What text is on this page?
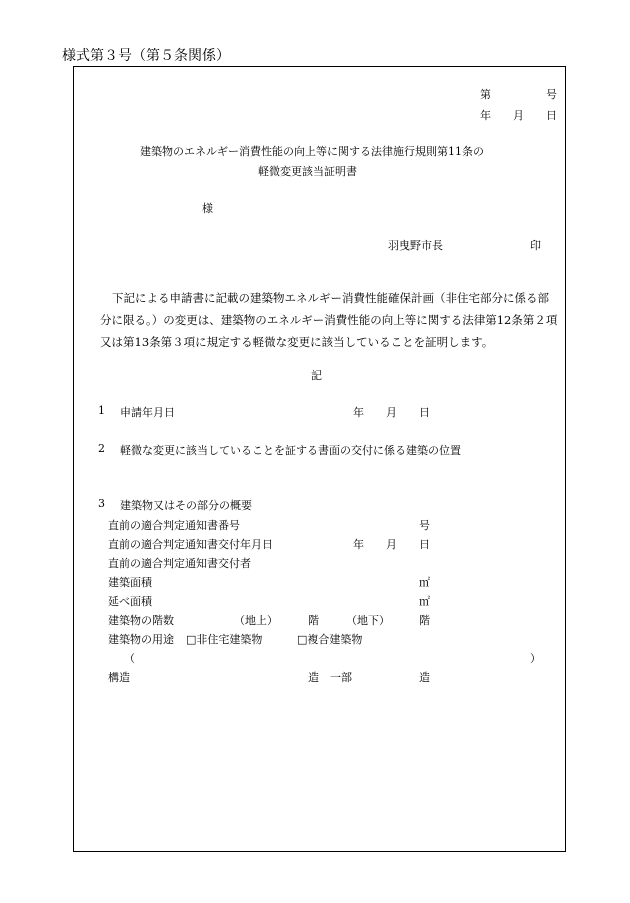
様式第３号（第５条関係）
第	号
年 月 日
建築物のエネルギー消費性能の向上等に関する法律施行規則第11条の
軽微変更該当証明書
様
羽曳野市長	印
下記による申請書に記載の建築物エネルギー消費性能確保計画（非住宅部分に係る部分に限る。）の変更は、建築物のエネルギー消費性能の向上等に関する法律第12条第２項又は第13条第３項に規定する軽微な変更に該当していることを証明します。
記
1 申請年月日	年 月 日
2 軽微な変更に該当していることを証する書面の交付に係る建築の位置
3 建築物又はその部分の概要
直前の適合判定通知書番号	号
直前の適合判定通知書交付年月日	年 月 日
直前の適合判定通知書交付者
建築面積	㎡
延べ面積	㎡
建築物の階数	（地上）	階 （地下）	階
建築物の用途 □非住宅建築物	□複合建築物
（	）
構造	造 一部	造
